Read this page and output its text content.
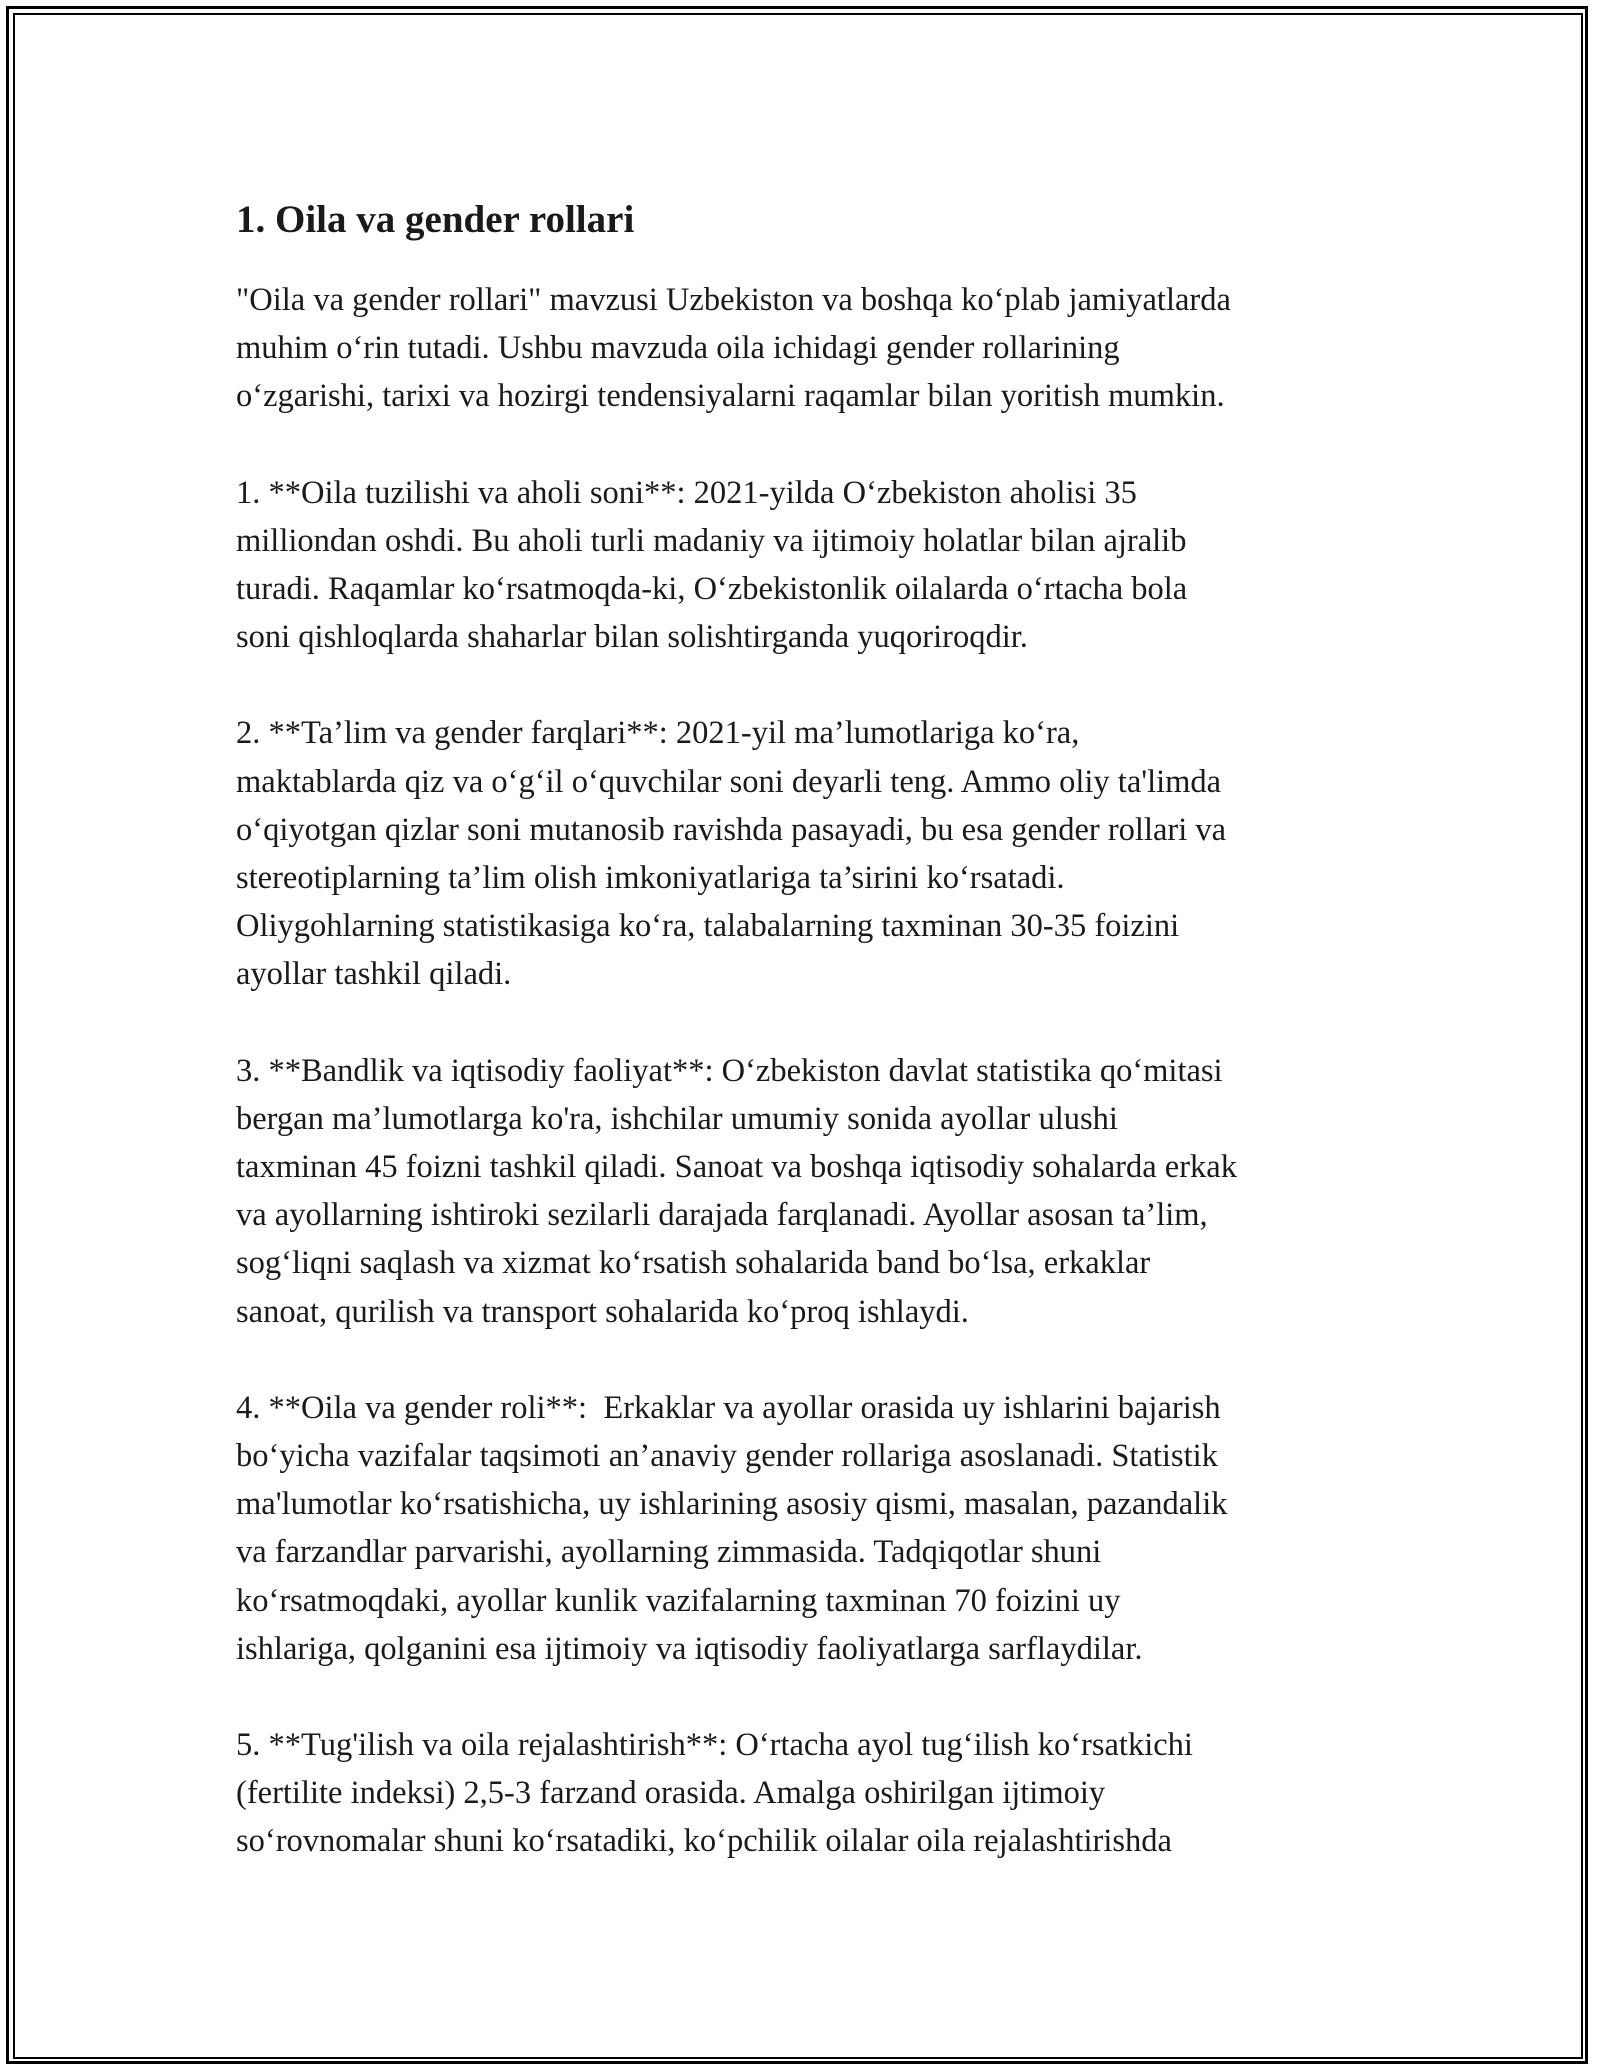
1. Oila va gender rollari
"Oila va gender rollari" mavzusi Uzbekiston va boshqa ko‘plab jamiyatlarda
muhim o‘rin tutadi. Ushbu mavzuda oila ichidagi gender rollarining
o‘zgarishi, tarixi va hozirgi tendensiyalarni raqamlar bilan yoritish mumkin.
1. **Oila tuzilishi va aholi soni**: 2021-yilda O‘zbekiston aholisi 35
milliondan oshdi. Bu aholi turli madaniy va ijtimoiy holatlar bilan ajralib
turadi. Raqamlar ko‘rsatmoqda-ki, O‘zbekistonlik oilalarda o‘rtacha bola
soni qishloqlarda shaharlar bilan solishtirganda yuqoriroqdir.
2. **Ta’lim va gender farqlari**: 2021-yil ma’lumotlariga ko‘ra,
maktablarda qiz va o‘g‘il o‘quvchilar soni deyarli teng. Ammo oliy ta'limda
o‘qiyotgan qizlar soni mutanosib ravishda pasayadi, bu esa gender rollari va
stereotiplarning ta’lim olish imkoniyatlariga ta’sirini ko‘rsatadi.
Oliygohlarning statistikasiga ko‘ra, talabalarning taxminan 30-35 foizini
ayollar tashkil qiladi.
3. **Bandlik va iqtisodiy faoliyat**: O‘zbekiston davlat statistika qo‘mitasi
bergan ma’lumotlarga ko'ra, ishchilar umumiy sonida ayollar ulushi
taxminan 45 foizni tashkil qiladi. Sanoat va boshqa iqtisodiy sohalarda erkak
va ayollarning ishtiroki sezilarli darajada farqlanadi. Ayollar asosan ta’lim,
sog‘liqni saqlash va xizmat ko‘rsatish sohalarida band bo‘lsa, erkaklar
sanoat, qurilish va transport sohalarida ko‘proq ishlaydi.
4. **Oila va gender roli**:  Erkaklar va ayollar orasida uy ishlarini bajarish
bo‘yicha vazifalar taqsimoti an’anaviy gender rollariga asoslanadi. Statistik
ma'lumotlar ko‘rsatishicha, uy ishlarining asosiy qismi, masalan, pazandalik
va farzandlar parvarishi, ayollarning zimmasida. Tadqiqotlar shuni
ko‘rsatmoqdaki, ayollar kunlik vazifalarning taxminan 70 foizini uy
ishlariga, qolganini esa ijtimoiy va iqtisodiy faoliyatlarga sarflaydilar.
5. **Tug'ilish va oila rejalashtirish**: O‘rtacha ayol tug‘ilish ko‘rsatkichi
(fertilite indeksi) 2,5-3 farzand orasida. Amalga oshirilgan ijtimoiy
so‘rovnomalar shuni ko‘rsatadiki, ko‘pchilik oilalar oila rejalashtirishda
